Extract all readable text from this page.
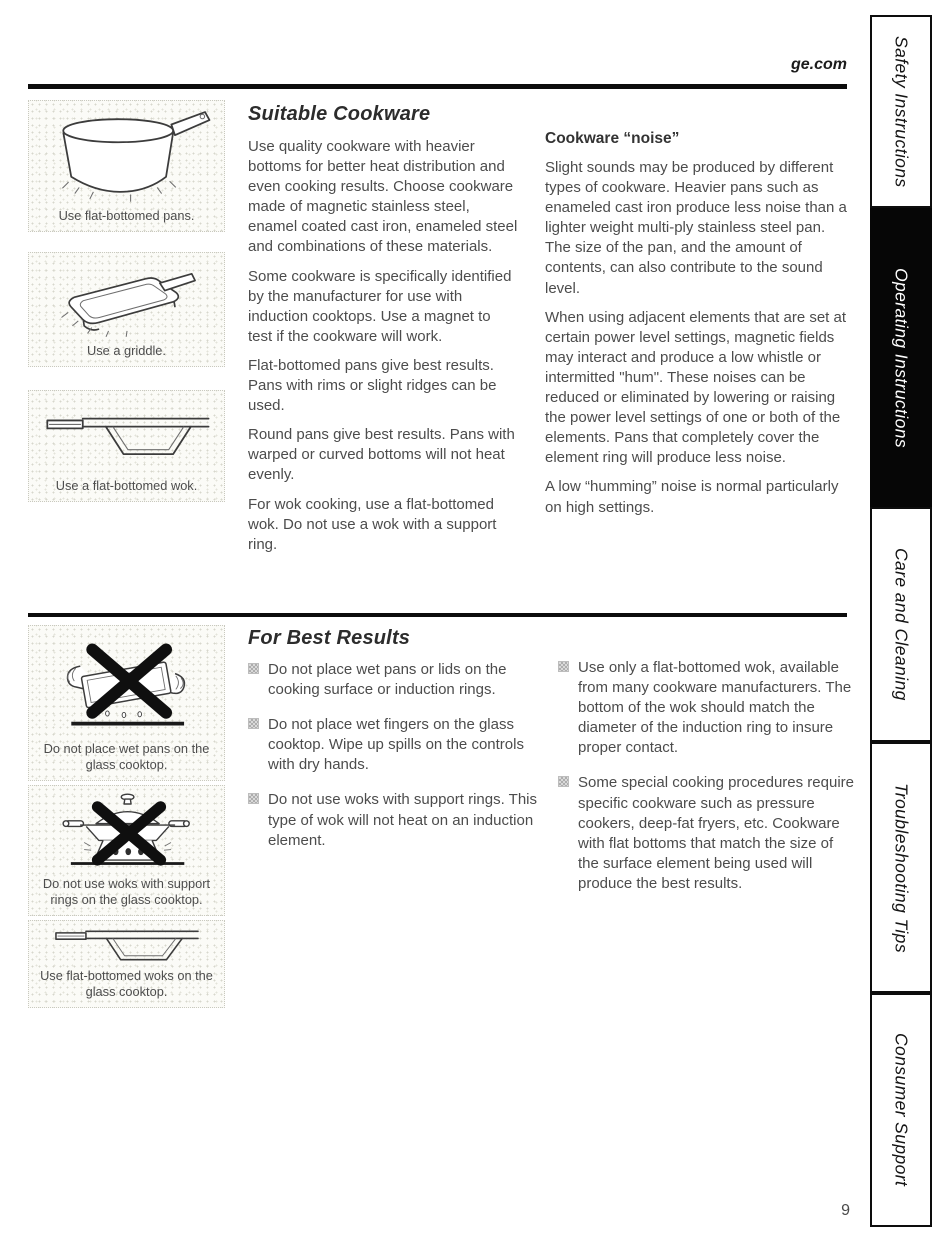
ge.com
Use flat-bottomed pans.
Use a griddle.
Use a flat-bottomed wok.
Suitable Cookware

Use quality cookware with heavier bottoms for better heat distribution and even cooking results. Choose cookware made of magnetic stainless steel, enamel coated cast iron, enameled steel and combinations of these materials.

Some cookware is specifically identified by the manufacturer for use with induction cooktops. Use a magnet to test if the cookware will work.

Flat-bottomed pans give best results. Pans with rims or slight ridges can be used.

Round pans give best results. Pans with warped or curved bottoms will not heat evenly.

For wok cooking, use a flat-bottomed wok. Do not use a wok with a support ring.

Cookware “noise”

Slight sounds may be produced by different types of cookware. Heavier pans such as enameled cast iron produce less noise than a lighter weight multi-ply stainless steel pan. The size of the pan, and the amount of contents, can also contribute to the sound level.

When using adjacent elements that are set at certain power level settings, magnetic fields may interact and produce a low whistle or intermitted "hum". These noises can be reduced or eliminated by lowering or raising the power level settings of one or both of the elements. Pans that completely cover the element ring will produce less noise.

A low “humming” noise is normal particularly on high settings.

Do not place wet pans on the glass cooktop.
Do not use woks with support rings on the glass cooktop.
Use flat-bottomed woks on the glass cooktop.
For Best Results
Do not place wet pans or lids on the cooking surface or induction rings.
Do not place wet fingers on the glass cooktop. Wipe up spills on the controls with dry hands.
Do not use woks with support rings. This type of wok will not heat on an induction element.
Use only a flat-bottomed wok, available from many cookware manufacturers. The bottom of the wok should match the diameter of the induction ring to insure proper contact.
Some special cooking procedures require specific cookware such as pressure cookers, deep-fat fryers, etc. Cookware with flat bottoms that match the size of the surface element being used will produce the best results.
Safety Instructions
Operating Instructions
Care and Cleaning
Troubleshooting Tips
Consumer Support
9
